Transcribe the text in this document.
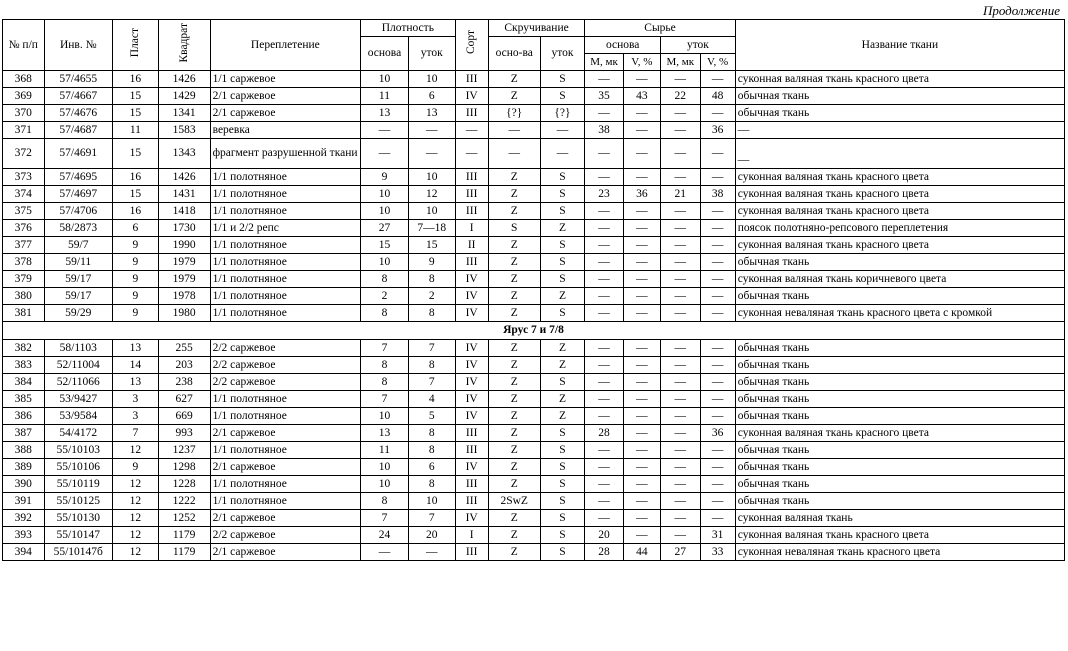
Продолжение
№ п/п	Инв. №	Пласт	Квадрат	Переплетение	Плотность		Сорт	Скручивание		Сырье				Название ткани
					основа	уток		осно-ва	уток	основа		уток		
										М, мк	V, %	М, мк	V, %	
368	57/4655	16	1426	1/1 саржевое	10	10	III	Z	S	—	—	—	—	суконная валяная ткань красного цвета
369	57/4667	15	1429	2/1 саржевое	11	6	IV	Z	S	35	43	22	48	обычная ткань
370	57/4676	15	1341	2/1 саржевое	13	13	III	{?}	{?}	—	—	—	—	обычная ткань
371	57/4687	11	1583	веревка	—	—	—	—	—	38	—	—	36	—
372	57/4691	15	1343	фрагмент разрушенной ткани	—	—	—	—	—	—	—	—	—	—
373	57/4695	16	1426	1/1 полотняное	9	10	III	Z	S	—	—	—	—	суконная валяная ткань красного цвета
374	57/4697	15	1431	1/1 полотняное	10	12	III	Z	S	23	36	21	38	суконная валяная ткань красного цвета
375	57/4706	16	1418	1/1 полотняное	10	10	III	Z	S	—	—	—	—	суконная валяная ткань красного цвета
376	58/2873	6	1730	1/1 и 2/2 репс	27	7—18	I	S	Z	—	—	—	—	поясок полотняно-репсового переплетения
377	59/7	9	1990	1/1 полотняное	15	15	II	Z	S	—	—	—	—	суконная валяная ткань красного цвета
378	59/11	9	1979	1/1 полотняное	10	9	III	Z	S	—	—	—	—	обычная ткань
379	59/17	9	1979	1/1 полотняное	8	8	IV	Z	S	—	—	—	—	суконная валяная ткань коричневого цвета
380	59/17	9	1978	1/1 полотняное	2	2	IV	Z	Z	—	—	—	—	обычная ткань
381	59/29	9	1980	1/1 полотняное	8	8	IV	Z	S	—	—	—	—	суконная неваляная ткань красного цвета с кромкой
Ярус 7 и 7/8														
382	58/1103	13	255	2/2 саржевое	7	7	IV	Z	Z	—	—	—	—	обычная ткань
383	52/11004	14	203	2/2 саржевое	8	8	IV	Z	Z	—	—	—	—	обычная ткань
384	52/11066	13	238	2/2 саржевое	8	7	IV	Z	S	—	—	—	—	обычная ткань
385	53/9427	3	627	1/1 полотняное	7	4	IV	Z	Z	—	—	—	—	обычная ткань
386	53/9584	3	669	1/1 полотняное	10	5	IV	Z	Z	—	—	—	—	обычная ткань
387	54/4172	7	993	2/1 саржевое	13	8	III	Z	S	28	—	—	36	суконная валяная ткань красного цвета
388	55/10103	12	1237	1/1 полотняное	11	8	III	Z	S	—	—	—	—	обычная ткань
389	55/10106	9	1298	2/1 саржевое	10	6	IV	Z	S	—	—	—	—	обычная ткань
390	55/10119	12	1228	1/1 полотняное	10	8	III	Z	S	—	—	—	—	обычная ткань
391	55/10125	12	1222	1/1 полотняное	8	10	III	2SwZ	S	—	—	—	—	обычная ткань
392	55/10130	12	1252	2/1 саржевое	7	7	IV	Z	S	—	—	—	—	суконная валяная ткань
393	55/10147	12	1179	2/2 саржевое	24	20	I	Z	S	20	—	—	31	суконная валяная ткань красного цвета
394	55/10147б	12	1179	2/1 саржевое	—	—	III	Z	S	28	44	27	33	суконная неваляная ткань красного цвета
